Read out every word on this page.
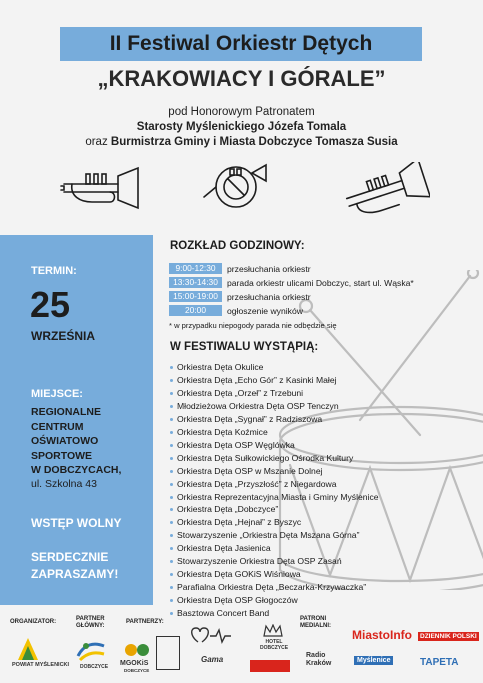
II Festiwal Orkiestr Dętych
„KRAKOWIACY I GÓRALE”
pod Honorowym Patronatem
Starosty Myślenickiego Józefa Tomala
oraz Burmistrza Gminy i Miasta Dobczyce Tomasza Susia
TERMIN:
25
WRZEŚNIA
MIEJSCE:
REGIONALNE
CENTRUM
OŚWIATOWO
SPORTOWE
W DOBCZYCACH,
ul. Szkolna 43
WSTĘP WOLNY
SERDECZNIE
ZAPRASZAMY!
ROZKŁAD GODZINOWY:
9:00-12:30	przesłuchania orkiestr
13:30-14:30	parada orkiestr ulicami Dobczyc, start ul. Wąska*
15:00-19:00	przesłuchania orkiestr
20:00	ogłoszenie wyników
* w przypadku niepogody parada nie odbędzie się
W FESTIWALU WYSTĄPIĄ:
Orkiestra Dęta Okulice
Orkiestra Dęta „Echo Gór” z Kasinki Małej
Orkiestra Dęta „Orzeł” z Trzebuni
Młodzieżowa Orkiestra Dęta OSP Tenczyn
Orkiestra Dęta „Sygnał” z Radziszowa
Orkiestra Dęta Koźmice
Orkiestra Dęta OSP Węglówka
Orkiestra Dęta Sułkowickiego Ośrodka Kultury
Orkiestra Dęta OSP w Mszanie Dolnej
Orkiestra Dęta „Przyszłość” z Niegardowa
Orkiestra Reprezentacyjna Miasta i Gminy Myślenice
Orkiestra Dęta „Dobczyce”
Orkiestra Dęta „Hejnał” z Byszyc
Stowarzyszenie „Orkiestra Dęta Mszana Górna”
Orkiestra Dęta Jasienica
Stowarzyszenie Orkiestra Dęta OSP Zasań
Orkiestra Dęta GOKiS Wiśniowa
Parafialna Orkiestra Dęta „Beczarka-Krzywaczka”
Orkiestra Dęta OSP Głogoczów
Basztowa Concert Band
ORGANIZATOR:	PARTNER GŁÓWNY:
PARTNERZY:	PATRONI MEDIALNI:
POWIAT MYŚLENICKI DOBCZYCE MGOKiS
DOBCZYCE
Gama
HOTEL DOBCZYCE
MiastoInfo	DZIENNIK POLSKI
Radio Kraków	Myślenice	TAPETA
